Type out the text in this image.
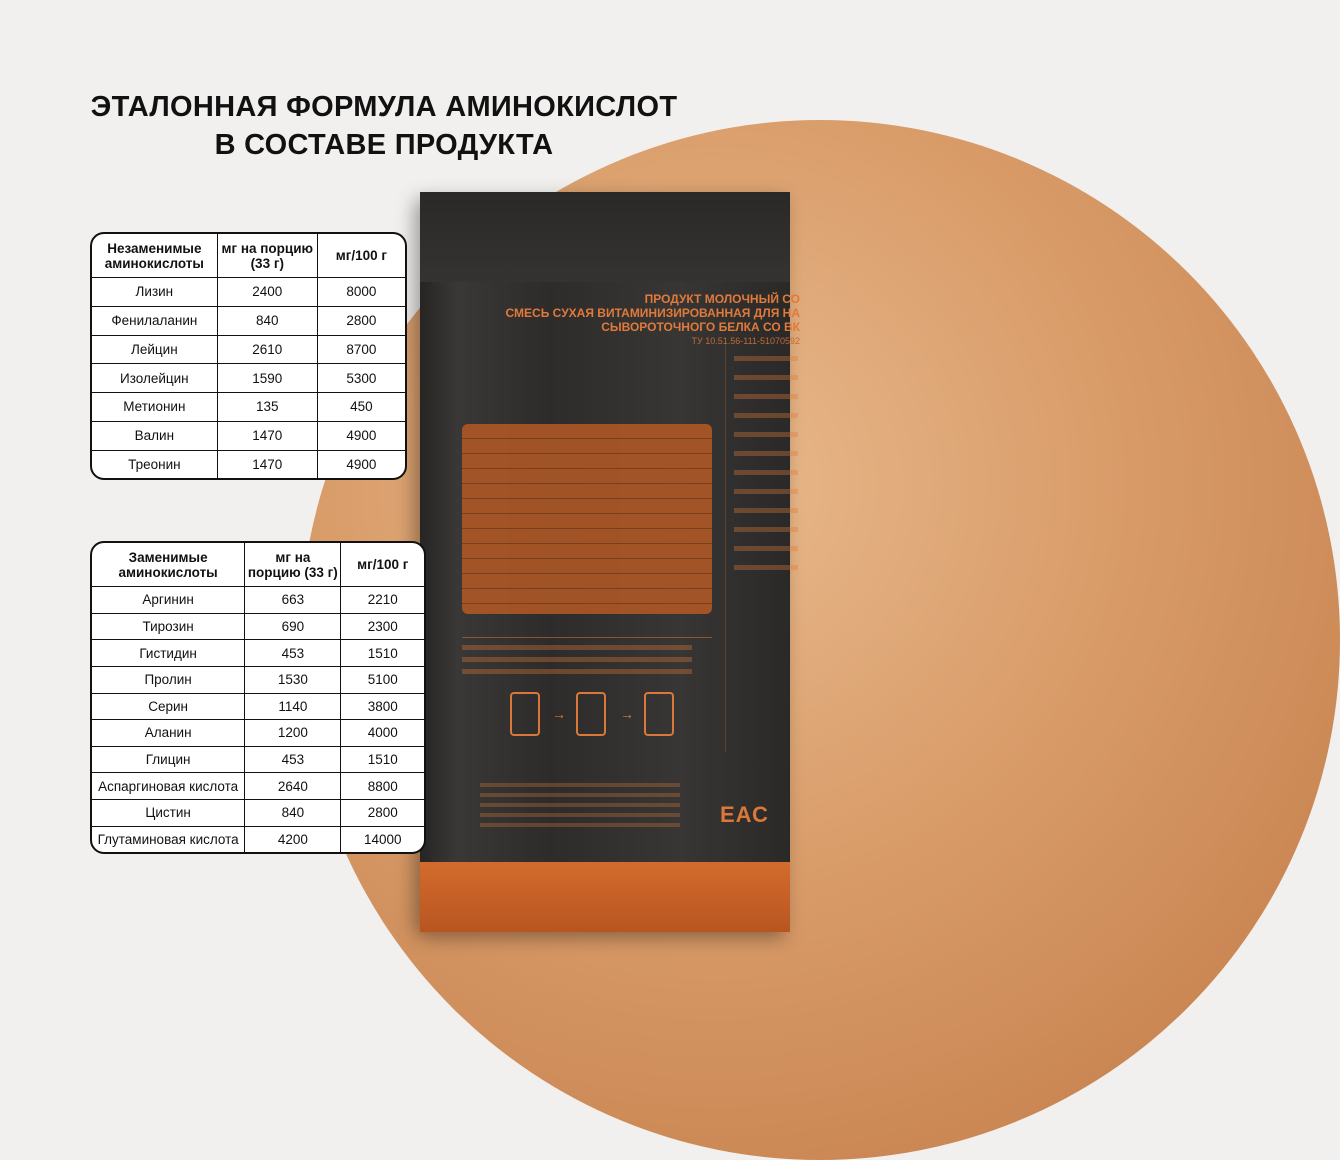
ЭТАЛОННАЯ ФОРМУЛА АМИНОКИСЛОТ
В СОСТАВЕ ПРОДУКТА
ПРОДУКТ МОЛОЧНЫЙ СО
СМЕСЬ СУХАЯ ВИТАМИНИЗИРОВАННАЯ ДЛЯ НА
СЫВОРОТОЧНОГО БЕЛКА СО ВК
ТУ 10.51.56-111-51070592
→	→
ЕАС
Незаменимые аминокислоты	мг на порцию (33 г)	мг/100 г
Лизин	2400	8000
Фенилаланин	840	2800
Лейцин	2610	8700
Изолейцин	1590	5300
Метионин	135	450
Валин	1470	4900
Треонин	1470	4900
Заменимые аминокислоты	мг на порцию (33 г)	мг/100 г
Аргинин	663	2210
Тирозин	690	2300
Гистидин	453	1510
Пролин	1530	5100
Серин	1140	3800
Аланин	1200	4000
Глицин	453	1510
Аспаргиновая кислота	2640	8800
Цистин	840	2800
Глутаминовая кислота	4200	14000
